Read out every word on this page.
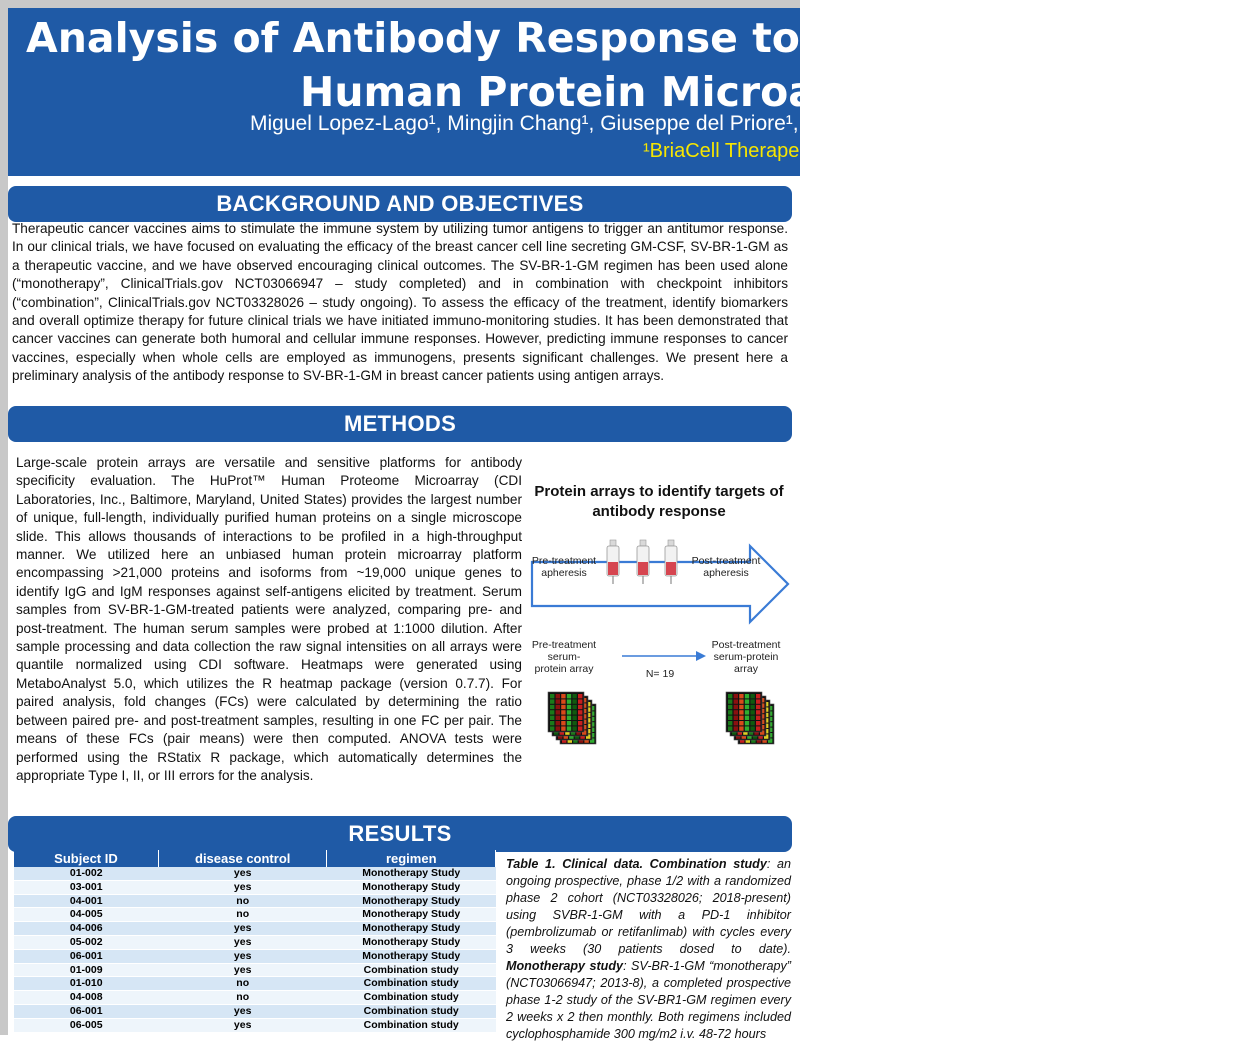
Analysis of Antibody Response to SV-BR-1-GM Using
Human Protein Microarrays
Miguel Lopez-Lago¹, Mingjin Chang¹, Giuseppe del Priore¹, V
¹BriaCell Therape
BACKGROUND AND OBJECTIVES
Therapeutic cancer vaccines aims to stimulate the immune system by utilizing tumor antigens to trigger an antitumor response. In our clinical trials, we have focused on evaluating the efficacy of the breast cancer cell line secreting GM-CSF, SV-BR-1-GM as a therapeutic vaccine, and we have observed encouraging clinical outcomes. The SV-BR-1-GM regimen has been used alone (“monotherapy”, ClinicalTrials.gov NCT03066947 – study completed) and in combination with checkpoint inhibitors (“combination”, ClinicalTrials.gov NCT03328026 – study ongoing). To assess the efficacy of the treatment, identify biomarkers and overall optimize therapy for future clinical trials we have initiated immuno-monitoring studies. It has been demonstrated that cancer vaccines can generate both humoral and cellular immune responses. However, predicting immune responses to cancer vaccines, especially when whole cells are employed as immunogens, presents significant challenges. We present here a preliminary analysis of the antibody response to SV-BR-1-GM in breast cancer patients using antigen arrays.
METHODS
Large-scale protein arrays are versatile and sensitive platforms for antibody specificity evaluation. The HuProt™ Human Proteome Microarray (CDI Laboratories, Inc., Baltimore, Maryland, United States) provides the largest number of unique, full-length, individually purified human proteins on a single microscope slide. This allows thousands of interactions to be profiled in a high-throughput manner. We utilized here an unbiased human protein microarray platform encompassing >21,000 proteins and isoforms from ~19,000 unique genes to identify IgG and IgM responses against self-antigens elicited by treatment. Serum samples from SV-BR-1-GM-treated patients were analyzed, comparing pre- and post-treatment. The human serum samples were probed at 1:1000 dilution. After sample processing and data collection the raw signal intensities on all arrays were quantile normalized using CDI software. Heatmaps were generated using MetaboAnalyst 5.0, which utilizes the R heatmap package (version 0.7.7). For paired analysis, fold changes (FCs) were calculated by determining the ratio between paired pre- and post-treatment samples, resulting in one FC per pair. The means of these FCs (pair means) were then computed. ANOVA tests were performed using the RStatix R package, which automatically determines the appropriate Type I, II, or III errors for the analysis.
Protein arrays to identify targets of antibody response
Pre-treatment
apheresis
Post-treatment
apheresis
Pre-treatment
serum-
protein array
Post-treatment
serum-protein
array
N= 19
RESULTS
Subject ID	disease control	regimen
01-002	yes	Monotherapy Study
03-001	yes	Monotherapy Study
04-001	no	Monotherapy Study
04-005	no	Monotherapy Study
04-006	yes	Monotherapy Study
05-002	yes	Monotherapy Study
06-001	yes	Monotherapy Study
01-009	yes	Combination study
01-010	no	Combination study
04-008	no	Combination study
06-001	yes	Combination study
06-005	yes	Combination study
Table 1. Clinical data. Combination study: an ongoing prospective, phase 1/2 with a randomized phase 2 cohort (NCT03328026; 2018-present) using SVBR-1-GM with a PD-1 inhibitor (pembrolizumab or retifanlimab) with cycles every 3 weeks (30 patients dosed to date). Monotherapy study: SV-BR-1-GM “monotherapy” (NCT03066947; 2013-8), a completed prospective phase 1-2 study of the SV-BR1-GM regimen every 2 weeks x 2 then monthly. Both regimens included cyclophosphamide 300 mg/m2 i.v. 48-72 hours
